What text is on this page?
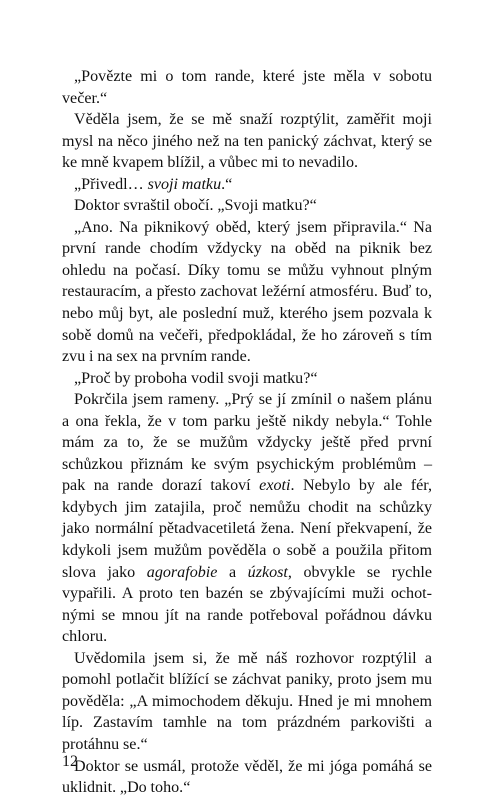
„Povězte mi o tom rande, které jste měla v sobotu večer.“

Věděla jsem, že se mě snaží rozptýlit, zaměřit moji mysl na něco jiného než na ten panický záchvat, který se ke mně kvapem blížil, a vůbec mi to nevadilo.

„Přivedl… svoji matku.“

Doktor svraštil obočí. „Svoji matku?“

„Ano. Na piknikový oběd, který jsem připravila.“ Na první rande chodím vždycky na oběd na piknik bez ohledu na počasí. Díky tomu se můžu vyhnout plným restauracím, a přesto zachovat ležérní atmosféru. Buď to, nebo můj byt, ale poslední muž, kterého jsem pozvala k sobě domů na večeři, předpokládal, že ho zároveň s tím zvu i na sex na prvním rande.

„Proč by proboha vodil svoji matku?“

Pokrčila jsem rameny. „Prý se jí zmínil o našem plánu a ona řekla, že v tom parku ještě nikdy nebyla.“ Tohle mám za to, že se mužům vždycky ještě před první schůzkou přiznám ke svým psychickým problémům – pak na rande dorazí takoví exoti. Nebylo by ale fér, kdybych jim zatajila, proč nemůžu chodit na schůzky jako normální pětadvacetiletá žena. Není překvapení, že kdykoli jsem mužům pověděla o sobě a použila přitom slova jako agorafobie a úzkost, obvykle se rychle vypařili. A proto ten bazén se zbývajícími muži ochotnými se mnou jít na rande potřeboval pořádnou dávku chloru.

Uvědomila jsem si, že mě náš rozhovor rozptýlil a pomohl potlačit blížící se záchvat paniky, proto jsem mu pověděla: „A mimochodem děkuju. Hned je mi mnohem líp. Zastavím tamhle na tom prázdném parkovišti a protáhnu se.“

Doktor se usmál, protože věděl, že mi jóga pomáhá se uklidnit. „Do toho.“

12
